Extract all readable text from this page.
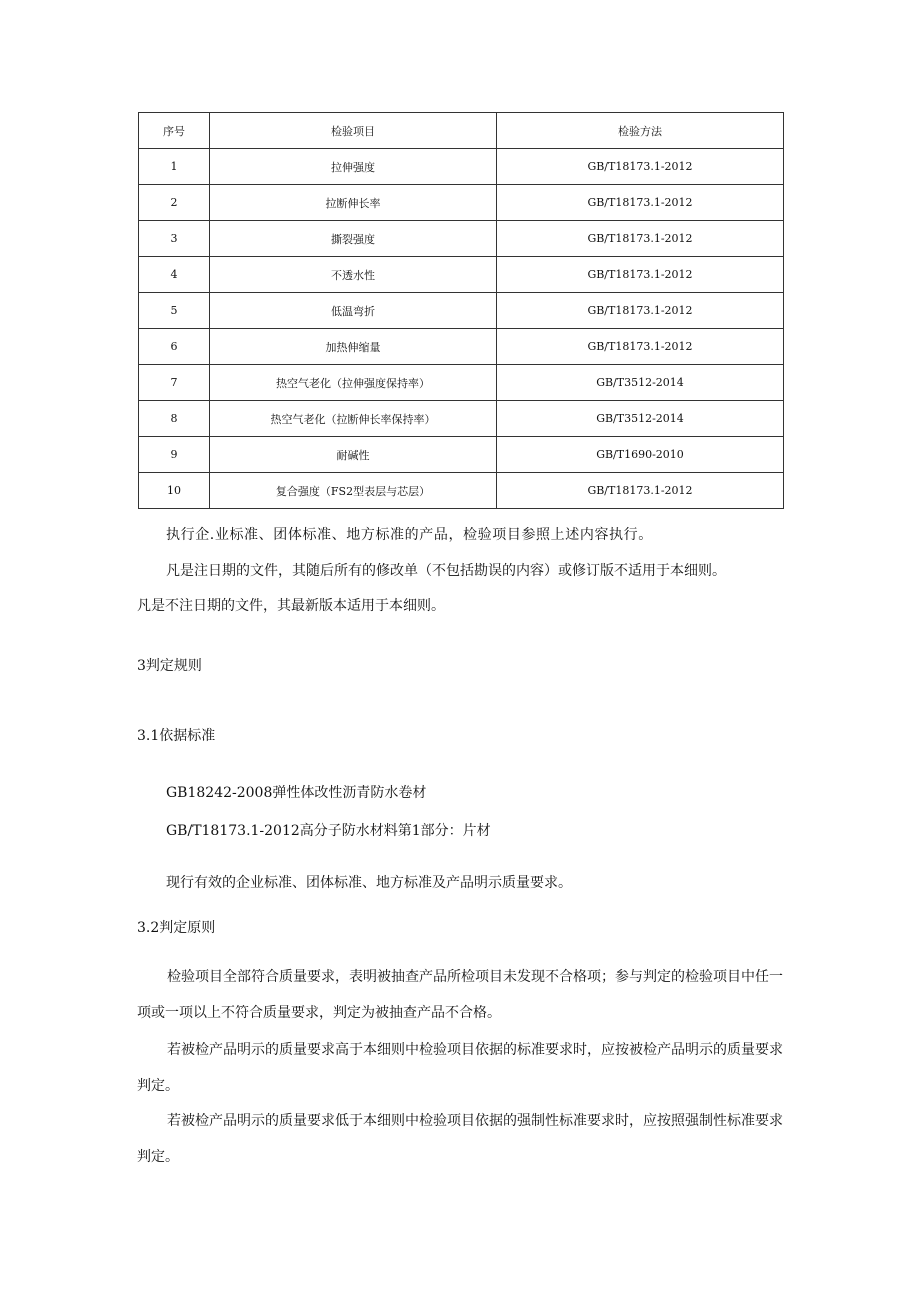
序号	检验项目	检验方法
1	拉伸强度	GB/T18173.1-2012
2	拉断伸长率	GB/T18173.1-2012
3	撕裂强度	GB/T18173.1-2012
4	不透水性	GB/T18173.1-2012
5	低温弯折	GB/T18173.1-2012
6	加热伸缩量	GB/T18173.1-2012
7	热空气老化（拉伸强度保持率）	GB/T3512-2014
8	热空气老化（拉断伸长率保持率）	GB/T3512-2014
9	耐碱性	GB/T1690-2010
10	复合强度（FS2型表层与芯层）	GB/T18173.1-2012

执行企.业标准、团体标准、地方标准的产品，检验项目参照上述内容执行。

凡是注日期的文件，其随后所有的修改单（不包括勘误的内容）或修订版不适用于本细则。

凡是不注日期的文件，其最新版本适用于本细则。

3判定规则

3.1依据标准

GB18242-2008弹性体改性沥青防水卷材

GB/T18173.1-2012高分子防水材料第1部分：片材

现行有效的企业标准、团体标准、地方标准及产品明示质量要求。

3.2判定原则

检验项目全部符合质量要求，表明被抽查产品所检项目未发现不合格项；参与判定的检验项目中任一项或一项以上不符合质量要求，判定为被抽查产品不合格。

若被检产品明示的质量要求高于本细则中检验项目依据的标准要求时，应按被检产品明示的质量要求判定。

若被检产品明示的质量要求低于本细则中检验项目依据的强制性标准要求时，应按照强制性标准要求判定。
